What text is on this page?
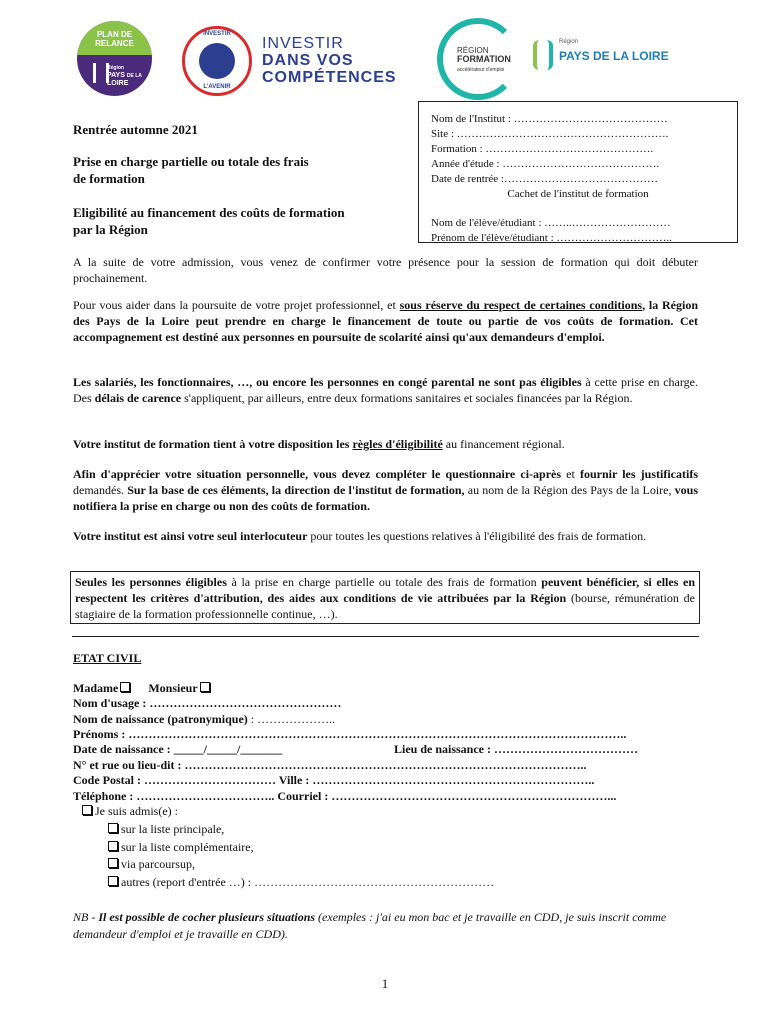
PLAN DE
RELANCE
Région
PAYS DE LA
LOIRE
INVESTIR
L'AVENIR
INVESTIR
DANS VOS
COMPÉTENCES
RÉGION
FORMATION
accélérateur d'emploi
Région
PAYS DE LA LOIRE
Rentrée automne 2021
Prise en charge partielle ou totale des frais
de formation
Eligibilité au financement des coûts de formation
par la Région
Nom de l'Institut : ……………………………………
Site : ………………………………………………….
Formation : ……………………………………….
Année d'étude : …………………………………….
Date de rentrée :……………………………………
Cachet de l'institut de formation
Nom de l'élève/étudiant : ……..………………………
Prénom de l'élève/étudiant : …………………………..
A la suite de votre admission, vous venez de confirmer votre présence pour la session de formation qui doit débuter prochainement.
Pour vous aider dans la poursuite de votre projet professionnel, et sous réserve du respect de certaines conditions, la Région des Pays de la Loire peut prendre en charge le financement de toute ou partie de vos coûts de formation. Cet accompagnement est destiné aux personnes en poursuite de scolarité ainsi qu'aux demandeurs d'emploi.
Les salariés, les fonctionnaires, …, ou encore les personnes en congé parental ne sont pas éligibles à cette prise en charge. Des délais de carence s'appliquent, par ailleurs, entre deux formations sanitaires et sociales financées par la Région.
Votre institut de formation tient à votre disposition les règles d'éligibilité au financement régional.
Afin d'apprécier votre situation personnelle, vous devez compléter le questionnaire ci-après et fournir les justificatifs demandés. Sur la base de ces éléments, la direction de l'institut de formation, au nom de la Région des Pays de la Loire, vous notifiera la prise en charge ou non des coûts de formation.
Votre institut est ainsi votre seul interlocuteur pour toutes les questions relatives à l'éligibilité des frais de formation.
Seules les personnes éligibles à la prise en charge partielle ou totale des frais de formation peuvent bénéficier, si elles en respectent les critères d'attribution, des aides aux conditions de vie attribuées par la Région (bourse, rémunération de stagiaire de la formation professionnelle continue, …).
ETAT CIVIL
Madame	Monsieur
Nom d'usage : …………………………………………
Nom de naissance (patronymique) : ………………..
Prénoms : ……………………………………………………………………………………………………………..
Date de naissance : _____/_____/_______	Lieu de naissance : ………………………………
N° et rue ou lieu-dit : ………………………………………………………………………………………..
Code Postal : …………………………… Ville : ……………………………………………………………..
Téléphone : …………………………….. Courriel : ……………………………………………………………...
Je suis admis(e) :
sur la liste principale,
sur la liste complémentaire,
via parcoursup,
autres (report d'entrée …) : ……………………………………………………
NB - Il est possible de cocher plusieurs situations (exemples : j'ai eu mon bac et je travaille en CDD, je suis inscrit comme demandeur d'emploi et je travaille en CDD).
1
